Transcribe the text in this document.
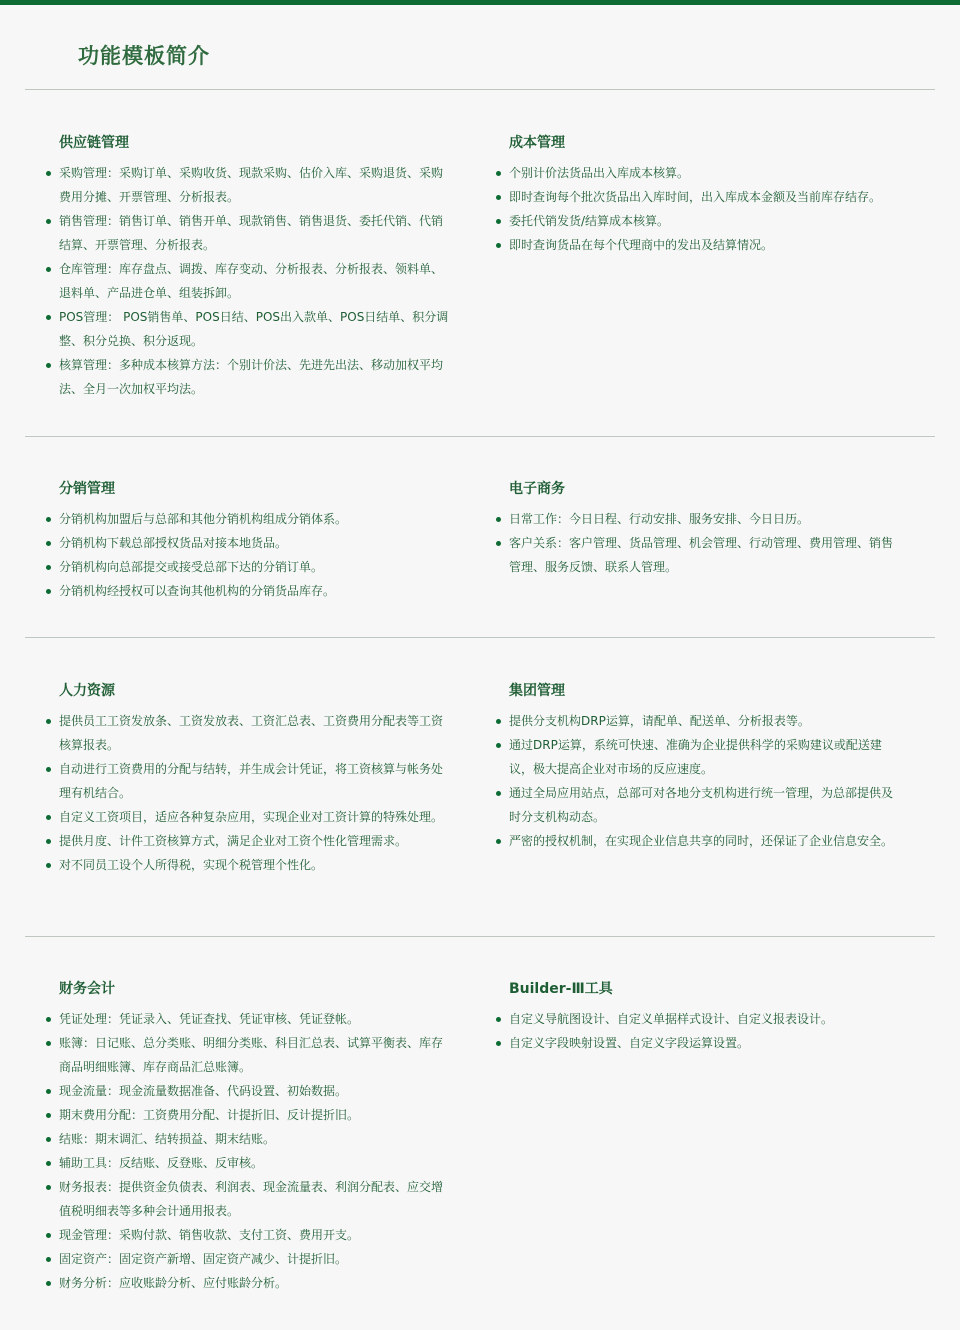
功能模板简介
供应链管理
采购管理：采购订单、采购收货、现款采购、估价入库、采购退货、采购费用分摊、开票管理、分析报表。
销售管理：销售订单、销售开单、现款销售、销售退货、委托代销、代销结算、开票管理、分析报表。
仓库管理：库存盘点、调拨、库存变动、分析报表、分析报表、领料单、退料单、产品进仓单、组装拆卸。
POS管理： POS销售单、POS日结、POS出入款单、POS日结单、积分调整、积分兑换、积分返现。
核算管理：多种成本核算方法：个别计价法、先进先出法、移动加权平均法、全月一次加权平均法。
成本管理
个别计价法货品出入库成本核算。
即时查询每个批次货品出入库时间，出入库成本金额及当前库存结存。
委托代销发货/结算成本核算。
即时查询货品在每个代理商中的发出及结算情况。
分销管理
分销机构加盟后与总部和其他分销机构组成分销体系。
分销机构下载总部授权货品对接本地货品。
分销机构向总部提交或接受总部下达的分销订单。
分销机构经授权可以查询其他机构的分销货品库存。
电子商务
日常工作：今日日程、行动安排、服务安排、今日日历。
客户关系：客户管理、货品管理、机会管理、行动管理、费用管理、销售管理、服务反馈、联系人管理。
人力资源
提供员工工资发放条、工资发放表、工资汇总表、工资费用分配表等工资核算报表。
自动进行工资费用的分配与结转，并生成会计凭证，将工资核算与帐务处理有机结合。
自定义工资项目，适应各种复杂应用，实现企业对工资计算的特殊处理。
提供月度、计件工资核算方式，满足企业对工资个性化管理需求。
对不同员工设个人所得税，实现个税管理个性化。
集团管理
提供分支机构DRP运算，请配单、配送单、分析报表等。
通过DRP运算，系统可快速、准确为企业提供科学的采购建议或配送建议，极大提高企业对市场的反应速度。
通过全局应用站点，总部可对各地分支机构进行统一管理，为总部提供及时分支机构动态。
严密的授权机制，在实现企业信息共享的同时，还保证了企业信息安全。
财务会计
凭证处理：凭证录入、凭证查找、凭证审核、凭证登帐。
账簿：日记账、总分类账、明细分类账、科目汇总表、试算平衡表、库存商品明细账簿、库存商品汇总账簿。
现金流量：现金流量数据准备、代码设置、初始数据。
期末费用分配：工资费用分配、计提折旧、反计提折旧。
结账：期末调汇、结转损益、期末结账。
辅助工具：反结账、反登账、反审核。
财务报表：提供资金负债表、利润表、现金流量表、利润分配表、应交增值税明细表等多种会计通用报表。
现金管理：采购付款、销售收款、支付工资、费用开支。
固定资产：固定资产新增、固定资产减少、计提折旧。
财务分析：应收账龄分析、应付账龄分析。
Builder-Ⅲ工具
自定义导航图设计、自定义单据样式设计、自定义报表设计。
自定义字段映射设置、自定义字段运算设置。
